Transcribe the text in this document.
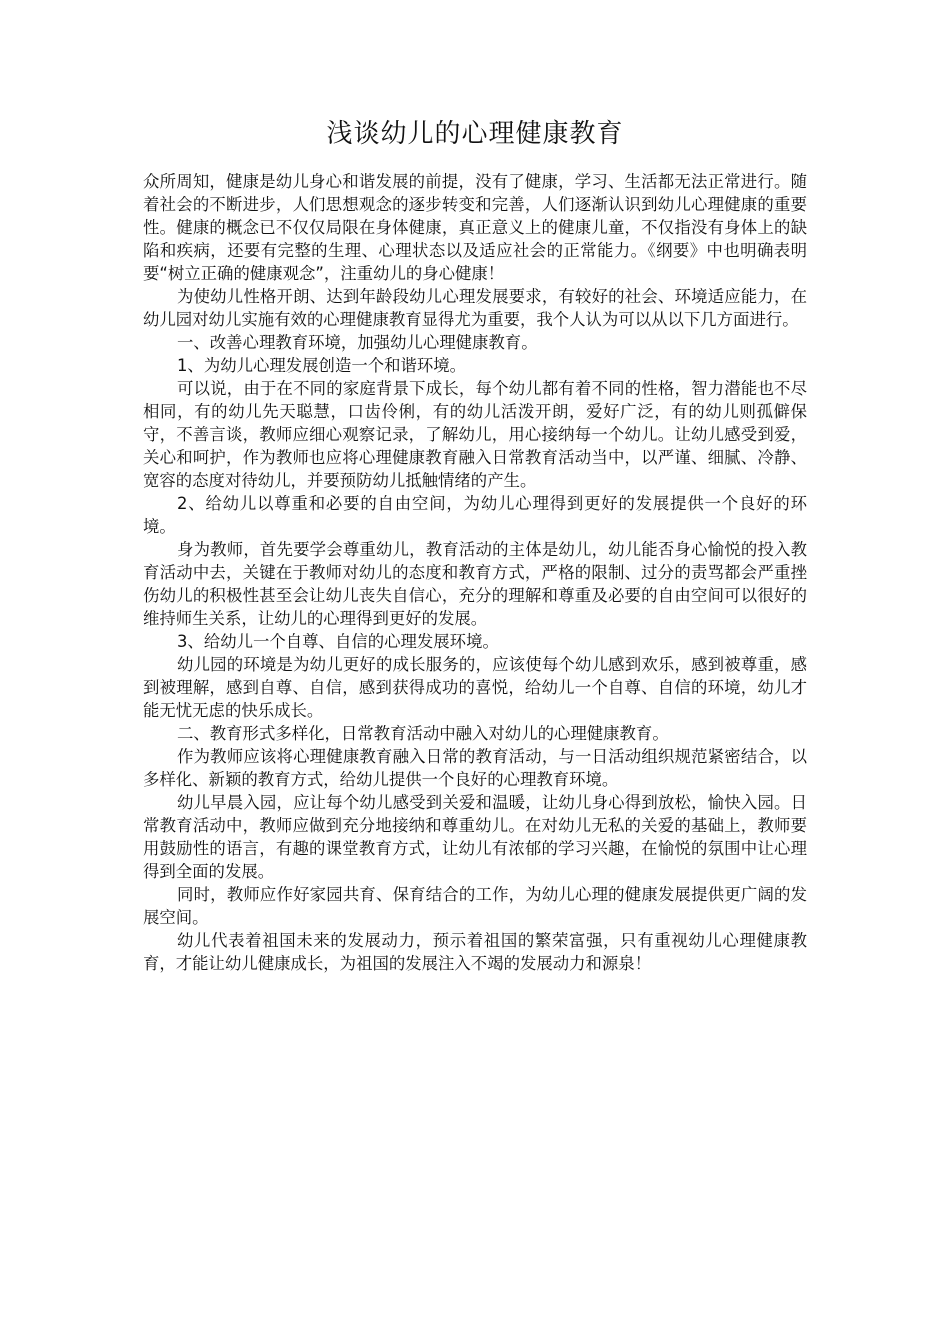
浅谈幼儿的心理健康教育

众所周知，健康是幼儿身心和谐发展的前提，没有了健康，学习、生活都无法正常进行。随着社会的不断进步，人们思想观念的逐步转变和完善，人们逐渐认识到幼儿心理健康的重要性。健康的概念已不仅仅局限在身体健康，真正意义上的健康儿童，不仅指没有身体上的缺陷和疾病，还要有完整的生理、心理状态以及适应社会的正常能力。《纲要》中也明确表明要“树立正确的健康观念”，注重幼儿的身心健康！

为使幼儿性格开朗、达到年龄段幼儿心理发展要求，有较好的社会、环境适应能力，在幼儿园对幼儿实施有效的心理健康教育显得尤为重要，我个人认为可以从以下几方面进行。

一、改善心理教育环境，加强幼儿心理健康教育。

1、为幼儿心理发展创造一个和谐环境。

可以说，由于在不同的家庭背景下成长，每个幼儿都有着不同的性格，智力潜能也不尽相同，有的幼儿先天聪慧，口齿伶俐，有的幼儿活泼开朗，爱好广泛，有的幼儿则孤僻保守，不善言谈，教师应细心观察记录，了解幼儿，用心接纳每一个幼儿。让幼儿感受到爱，关心和呵护，作为教师也应将心理健康教育融入日常教育活动当中，以严谨、细腻、冷静、宽容的态度对待幼儿，并要预防幼儿抵触情绪的产生。

2、给幼儿以尊重和必要的自由空间，为幼儿心理得到更好的发展提供一个良好的环境。

身为教师，首先要学会尊重幼儿，教育活动的主体是幼儿，幼儿能否身心愉悦的投入教育活动中去，关键在于教师对幼儿的态度和教育方式，严格的限制、过分的责骂都会严重挫伤幼儿的积极性甚至会让幼儿丧失自信心，充分的理解和尊重及必要的自由空间可以很好的维持师生关系，让幼儿的心理得到更好的发展。

3、给幼儿一个自尊、自信的心理发展环境。

幼儿园的环境是为幼儿更好的成长服务的，应该使每个幼儿感到欢乐，感到被尊重，感到被理解，感到自尊、自信，感到获得成功的喜悦，给幼儿一个自尊、自信的环境，幼儿才能无忧无虑的快乐成长。

二、教育形式多样化，日常教育活动中融入对幼儿的心理健康教育。

作为教师应该将心理健康教育融入日常的教育活动，与一日活动组织规范紧密结合，以多样化、新颖的教育方式，给幼儿提供一个良好的心理教育环境。

幼儿早晨入园，应让每个幼儿感受到关爱和温暖，让幼儿身心得到放松，愉快入园。日常教育活动中，教师应做到充分地接纳和尊重幼儿。在对幼儿无私的关爱的基础上，教师要用鼓励性的语言，有趣的课堂教育方式，让幼儿有浓郁的学习兴趣，在愉悦的氛围中让心理得到全面的发展。

同时，教师应作好家园共育、保育结合的工作，为幼儿心理的健康发展提供更广阔的发展空间。

幼儿代表着祖国未来的发展动力，预示着祖国的繁荣富强，只有重视幼儿心理健康教育，才能让幼儿健康成长，为祖国的发展注入不竭的发展动力和源泉！
